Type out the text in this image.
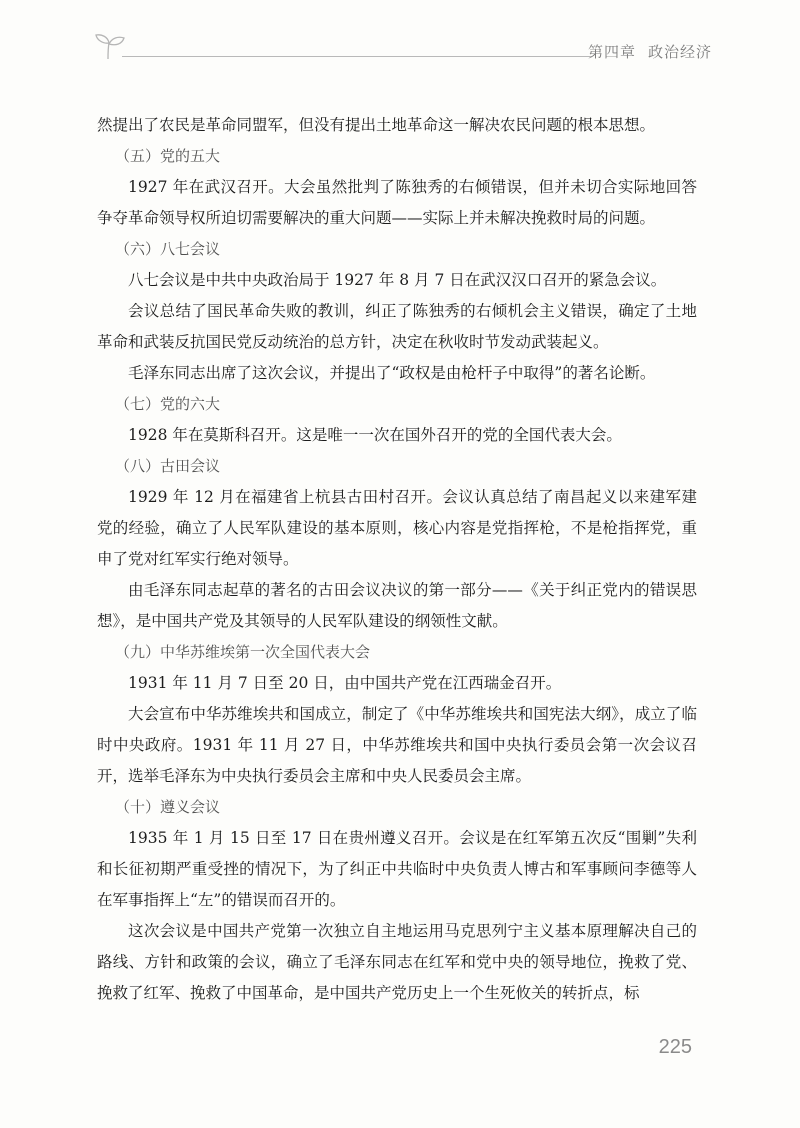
第四章 政治经济

然提出了农民是革命同盟军，但没有提出土地革命这一解决农民问题的根本思想。

（五）党的五大

1927 年在武汉召开。大会虽然批判了陈独秀的右倾错误，但并未切合实际地回答争夺革命领导权所迫切需要解决的重大问题——实际上并未解决挽救时局的问题。

（六）八七会议

八七会议是中共中央政治局于 1927 年 8 月 7 日在武汉汉口召开的紧急会议。

会议总结了国民革命失败的教训，纠正了陈独秀的右倾机会主义错误，确定了土地革命和武装反抗国民党反动统治的总方针，决定在秋收时节发动武装起义。

毛泽东同志出席了这次会议，并提出了“政权是由枪杆子中取得”的著名论断。

（七）党的六大

1928 年在莫斯科召开。这是唯一一次在国外召开的党的全国代表大会。

（八）古田会议

1929 年 12 月在福建省上杭县古田村召开。会议认真总结了南昌起义以来建军建党的经验，确立了人民军队建设的基本原则，核心内容是党指挥枪，不是枪指挥党，重申了党对红军实行绝对领导。

由毛泽东同志起草的著名的古田会议决议的第一部分——《关于纠正党内的错误思想》，是中国共产党及其领导的人民军队建设的纲领性文献。

（九）中华苏维埃第一次全国代表大会

1931 年 11 月 7 日至 20 日，由中国共产党在江西瑞金召开。

大会宣布中华苏维埃共和国成立，制定了《中华苏维埃共和国宪法大纲》，成立了临时中央政府。1931 年 11 月 27 日，中华苏维埃共和国中央执行委员会第一次会议召开，选举毛泽东为中央执行委员会主席和中央人民委员会主席。

（十）遵义会议

1935 年 1 月 15 日至 17 日在贵州遵义召开。会议是在红军第五次反“围剿”失利和长征初期严重受挫的情况下，为了纠正中共临时中央负责人博古和军事顾问李德等人在军事指挥上“左”的错误而召开的。

这次会议是中国共产党第一次独立自主地运用马克思列宁主义基本原理解决自己的路线、方针和政策的会议，确立了毛泽东同志在红军和党中央的领导地位，挽救了党、挽救了红军、挽救了中国革命，是中国共产党历史上一个生死攸关的转折点，标

225
